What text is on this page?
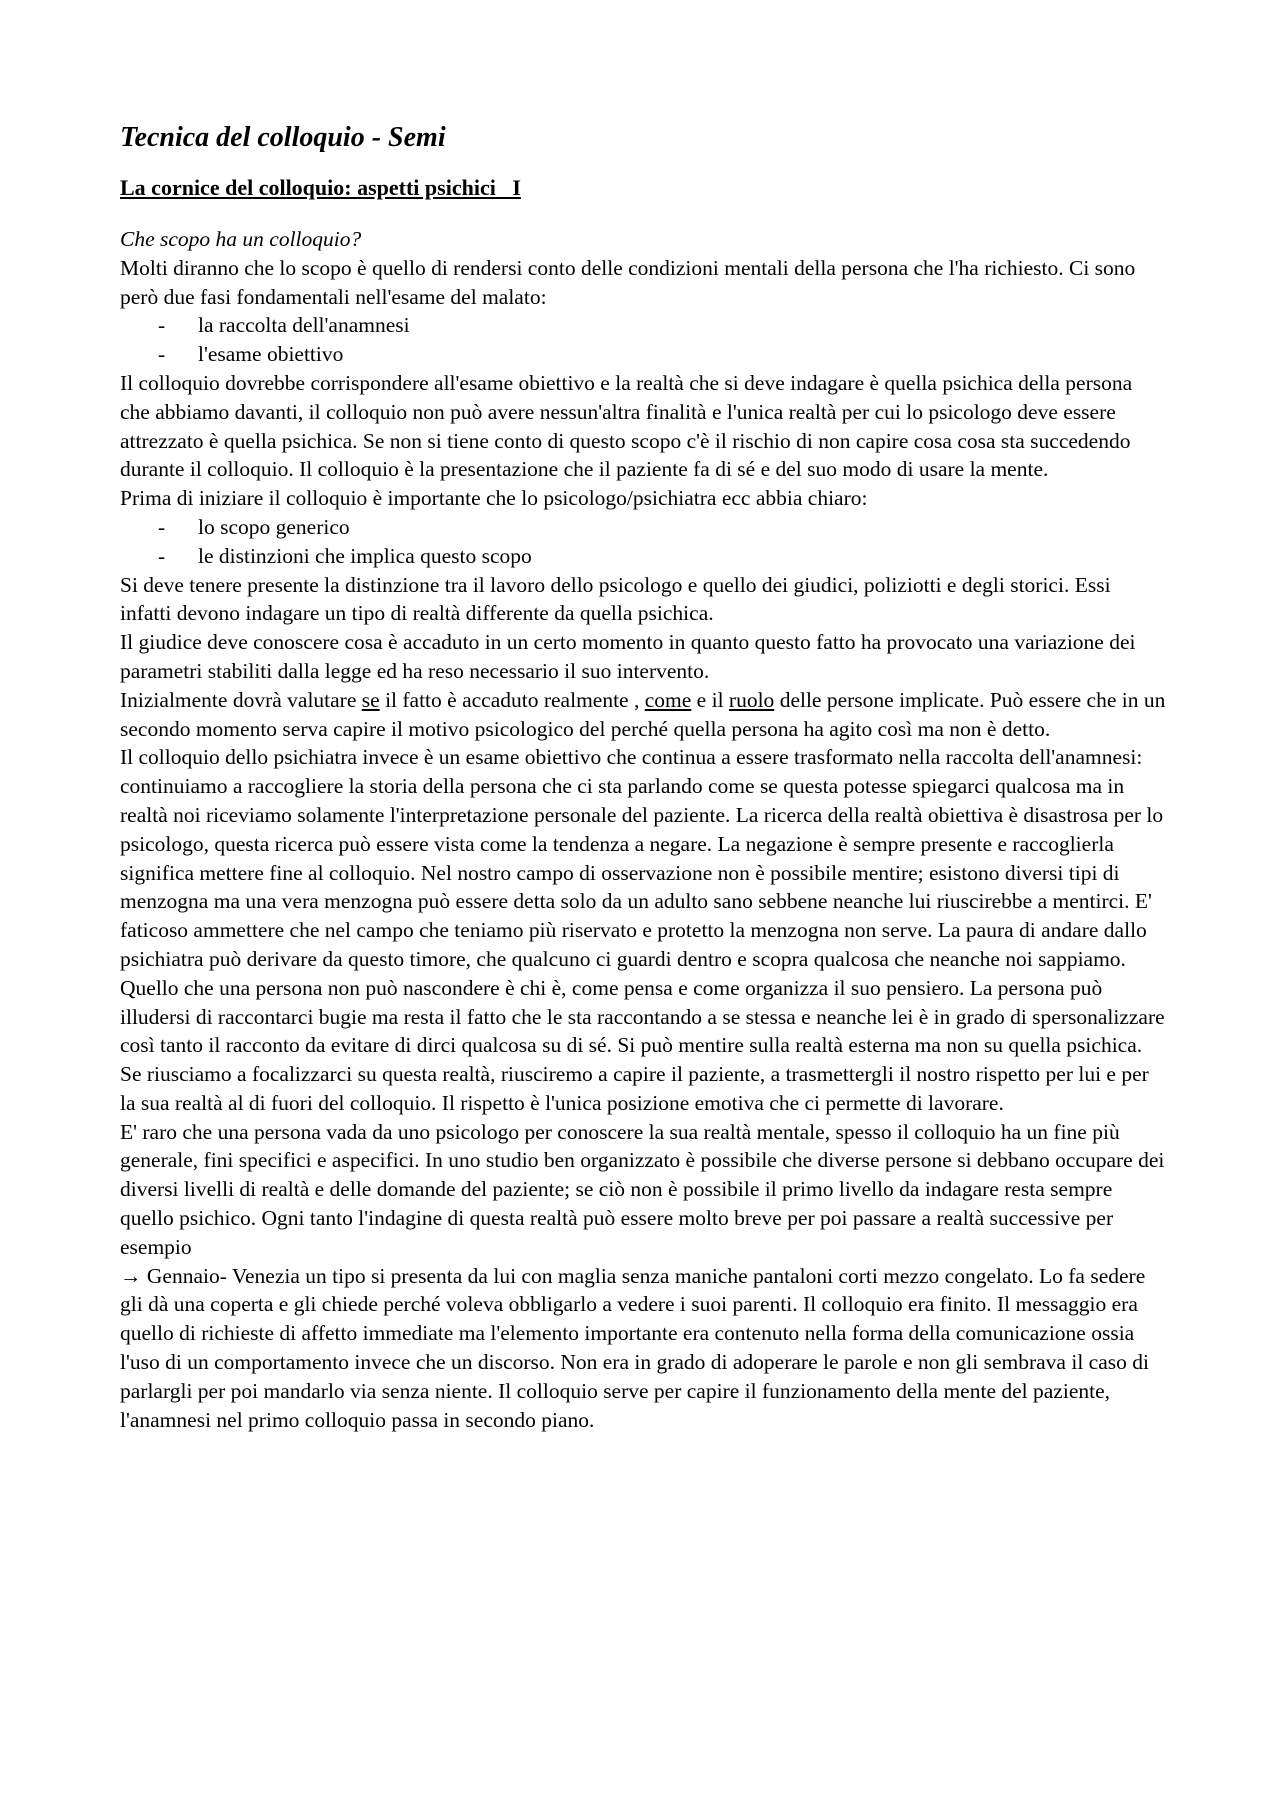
Tecnica del colloquio - Semi
La cornice del colloquio: aspetti psichici   I

Che scopo ha un colloquio?

Molti diranno che lo scopo è quello di rendersi conto delle condizioni mentali della persona che l'ha richiesto. Ci sono però due fasi fondamentali nell'esame del malato:

- la raccolta dell'anamnesi
- l'esame obiettivo

Il colloquio dovrebbe corrispondere all'esame obiettivo e la realtà che si deve indagare è quella psichica della persona che abbiamo davanti, il colloquio non può avere nessun'altra finalità e l'unica realtà per cui lo psicologo deve essere attrezzato è quella psichica. Se non si tiene conto di questo scopo c'è il rischio di non capire cosa cosa sta succedendo durante il colloquio. Il colloquio è la presentazione che il paziente fa di sé e del suo modo di usare la mente.

Prima di iniziare il colloquio è importante che lo psicologo/psichiatra ecc abbia chiaro:

- lo scopo generico
- le distinzioni che implica questo scopo

Si deve tenere presente la distinzione tra il lavoro dello psicologo e quello dei giudici, poliziotti e degli storici. Essi infatti devono indagare un tipo di realtà differente da quella psichica.

Il giudice deve conoscere cosa è accaduto in un certo momento in quanto questo fatto ha provocato una variazione dei parametri stabiliti dalla legge ed ha reso necessario il suo intervento.

Inizialmente dovrà valutare se il fatto è accaduto realmente , come e il ruolo delle persone implicate. Può essere che in un secondo momento serva capire il motivo psicologico del perché quella persona ha agito così ma non è detto.

Il colloquio dello psichiatra invece è un esame obiettivo che continua a essere trasformato nella raccolta dell'anamnesi: continuiamo a raccogliere la storia della persona che ci sta parlando come se questa potesse spiegarci qualcosa ma in realtà noi riceviamo solamente l'interpretazione personale del paziente. La ricerca della realtà obiettiva è disastrosa per lo psicologo, questa ricerca può essere vista come la tendenza a negare. La negazione è sempre presente e raccoglierla significa mettere fine al colloquio. Nel nostro campo di osservazione non è possibile mentire; esistono diversi tipi di menzogna ma una vera menzogna può essere detta solo da un adulto sano sebbene neanche lui riuscirebbe a mentirci. E' faticoso ammettere che nel campo che teniamo più riservato e protetto la menzogna non serve. La paura di andare dallo psichiatra può derivare da questo timore, che qualcuno ci guardi dentro e scopra qualcosa che neanche noi sappiamo. Quello che una persona non può nascondere è chi è, come pensa e come organizza il suo pensiero. La persona può illudersi di raccontarci bugie ma resta il fatto che le sta raccontando a se stessa e neanche lei è in grado di spersonalizzare così tanto il racconto da evitare di dirci qualcosa su di sé. Si può mentire sulla realtà esterna ma non su quella psichica. Se riusciamo a focalizzarci su questa realtà, riusciremo a capire il paziente, a trasmettergli il nostro rispetto per lui e per la sua realtà al di fuori del colloquio. Il rispetto è l'unica posizione emotiva che ci permette di lavorare.

E' raro che una persona vada da uno psicologo per conoscere la sua realtà mentale, spesso il colloquio ha un fine più generale, fini specifici e aspecifici. In uno studio ben organizzato è possibile che diverse persone si debbano occupare dei diversi livelli di realtà e delle domande del paziente; se ciò non è possibile il primo livello da indagare resta sempre quello psichico. Ogni tanto l'indagine di questa realtà può essere molto breve per poi passare a realtà successive per esempio

→ Gennaio- Venezia un tipo si presenta da lui con maglia senza maniche pantaloni corti mezzo congelato. Lo fa sedere gli dà una coperta e gli chiede perché voleva obbligarlo a vedere i suoi parenti. Il colloquio era finito. Il messaggio era quello di richieste di affetto immediate ma l'elemento importante era contenuto nella forma della comunicazione ossia l'uso di un comportamento invece che un discorso. Non era in grado di adoperare le parole e non gli sembrava il caso di parlargli per poi mandarlo via senza niente. Il colloquio serve per capire il funzionamento della mente del paziente, l'anamnesi nel primo colloquio passa in secondo piano.
